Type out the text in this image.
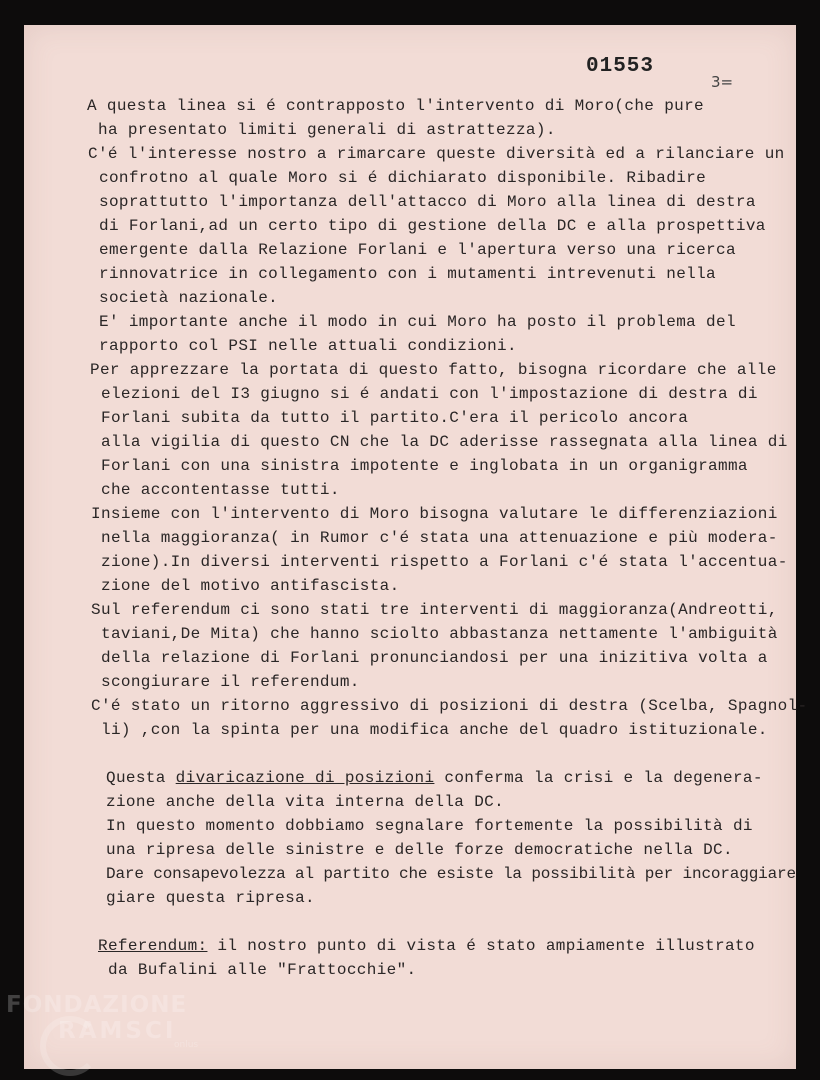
01553
3=
A questa linea si é contrapposto l'intervento di Moro(che pure
ha presentato limiti generali di astrattezza).
C'é l'interesse nostro a rimarcare queste diversità ed a rilanciare un
confrotno al quale Moro si é dichiarato disponibile. Ribadire
soprattutto l'importanza dell'attacco di Moro alla linea di destra
di Forlani,ad un certo tipo di gestione della DC e alla prospettiva
emergente dalla Relazione Forlani e l'apertura verso una ricerca
rinnovatrice in collegamento con i mutamenti intrevenuti nella
società nazionale.
E' importante anche il modo in cui Moro ha posto il problema del
rapporto col PSI nelle attuali condizioni.
Per apprezzare la portata di questo fatto, bisogna ricordare che alle
elezioni del I3 giugno si é andati con l'impostazione di destra di
Forlani subita da tutto il partito.C'era il pericolo ancora
alla vigilia di questo CN che la DC aderisse rassegnata alla linea di
Forlani con una sinistra impotente e inglobata in un organigramma
che accontentasse tutti.
Insieme con l'intervento di Moro bisogna valutare le differenziazioni
nella maggioranza( in Rumor c'é stata una attenuazione e più modera-
zione).In diversi interventi rispetto a Forlani c'é stata l'accentua-
zione del motivo antifascista.
Sul referendum ci sono stati tre interventi di maggioranza(Andreotti,
taviani,De Mita) che hanno sciolto abbastanza nettamente l'ambiguità
della relazione di Forlani pronunciandosi per una inizitiva volta a
scongiurare il referendum.
C'é stato un ritorno aggressivo di posizioni di destra (Scelba, Spagnol-
li) ,con la spinta per una modifica anche del quadro istituzionale.
Questa divaricazione di posizioni conferma la crisi e la degenera-
zione anche della vita interna della DC.
In questo momento dobbiamo segnalare fortemente la possibilità di
una ripresa delle sinistre e delle forze democratiche nella DC.
Dare consapevolezza al partito che esiste la possibilità per incoraggiare
giare questa ripresa.
Referendum: il nostro punto di vista é stato ampiamente illustrato
da Bufalini alle "Frattocchie".
FONDAZIONE
RAMSCI
onlus
